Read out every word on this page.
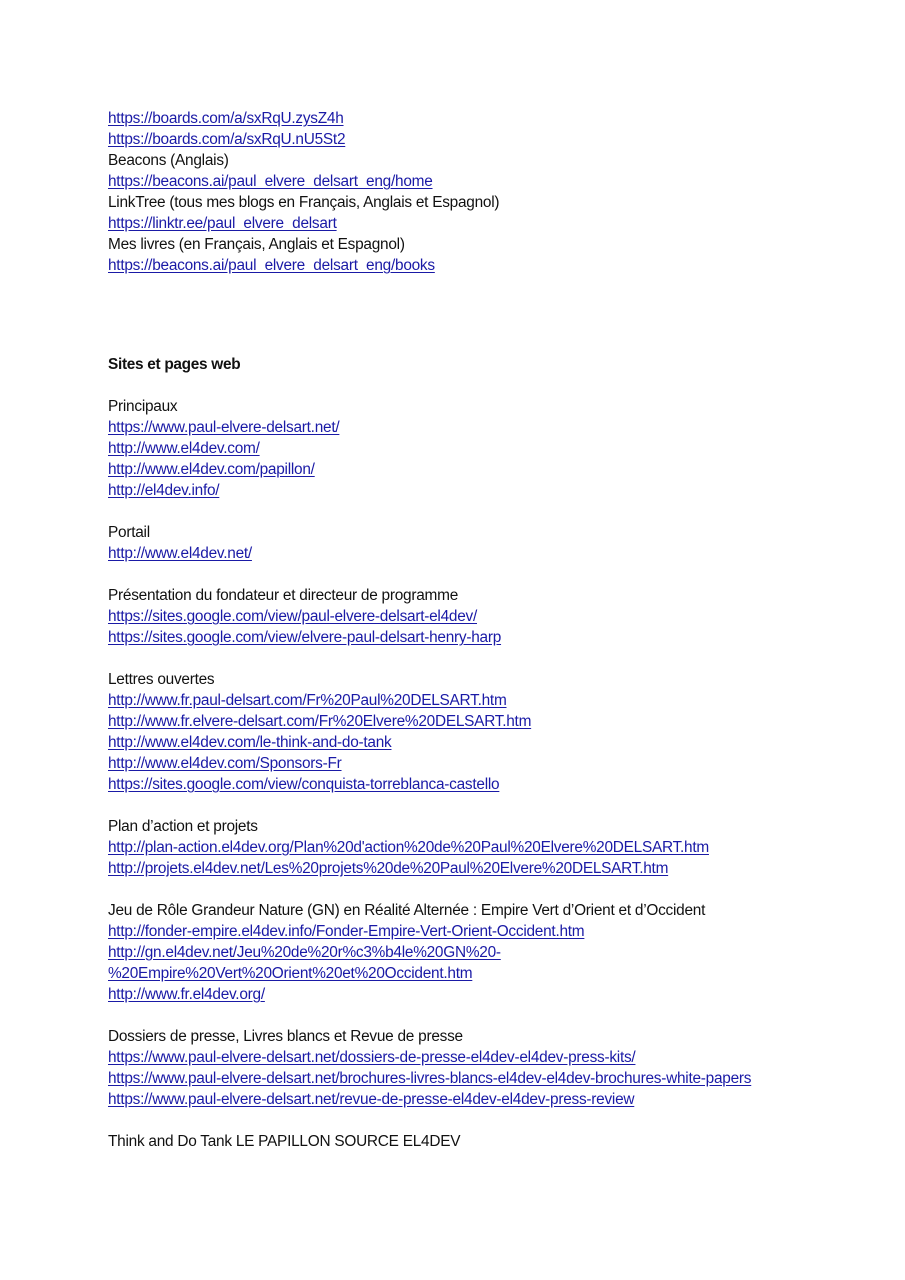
https://boards.com/a/sxRqU.zysZ4h
https://boards.com/a/sxRqU.nU5St2
Beacons (Anglais)
https://beacons.ai/paul_elvere_delsart_eng/home
LinkTree (tous mes blogs en Français, Anglais et Espagnol)
https://linktr.ee/paul_elvere_delsart
Mes livres (en Français, Anglais et Espagnol)
https://beacons.ai/paul_elvere_delsart_eng/books
Sites et pages web
Principaux
https://www.paul-elvere-delsart.net/
http://www.el4dev.com/
http://www.el4dev.com/papillon/
http://el4dev.info/
Portail
http://www.el4dev.net/
Présentation du fondateur et directeur de programme
https://sites.google.com/view/paul-elvere-delsart-el4dev/
https://sites.google.com/view/elvere-paul-delsart-henry-harp
Lettres ouvertes
http://www.fr.paul-delsart.com/Fr%20Paul%20DELSART.htm
http://www.fr.elvere-delsart.com/Fr%20Elvere%20DELSART.htm
http://www.el4dev.com/le-think-and-do-tank
http://www.el4dev.com/Sponsors-Fr
https://sites.google.com/view/conquista-torreblanca-castello
Plan d’action et projets
http://plan-action.el4dev.org/Plan%20d'action%20de%20Paul%20Elvere%20DELSART.htm
http://projets.el4dev.net/Les%20projets%20de%20Paul%20Elvere%20DELSART.htm
Jeu de Rôle Grandeur Nature (GN) en Réalité Alternée : Empire Vert d’Orient et d’Occident
http://fonder-empire.el4dev.info/Fonder-Empire-Vert-Orient-Occident.htm
http://gn.el4dev.net/Jeu%20de%20r%c3%b4le%20GN%20-
%20Empire%20Vert%20Orient%20et%20Occident.htm
http://www.fr.el4dev.org/
Dossiers de presse, Livres blancs et Revue de presse
https://www.paul-elvere-delsart.net/dossiers-de-presse-el4dev-el4dev-press-kits/
https://www.paul-elvere-delsart.net/brochures-livres-blancs-el4dev-el4dev-brochures-white-papers
https://www.paul-elvere-delsart.net/revue-de-presse-el4dev-el4dev-press-review
Think and Do Tank LE PAPILLON SOURCE EL4DEV
